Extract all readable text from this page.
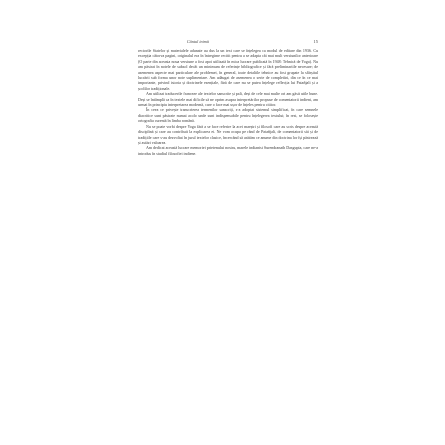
Cântul inimii	15

rectorile Statelor și materialele adunate au dus la un text care se înțelegea ca modul de editare din 1936. Cu excepția câtorva pagini, originalul era în întregime recitit pentru a se adapta cât mai mult versiunilor anterioare (O parte din aceasta noua versiune a fost apoi utilizată în mica lucrare publicată în 1948: Tehnică de Yoga). Nu am păstrat în notele de subsol decât un minimum de referințe bibliografice și fără preliminariile necesare; de asemenea aspecte mai particulare ale problemei, în general, toate detaliile tehnice au fost grupate la sfârșitul lucrării sub forma unor note suplimentare. Am adăugat de asemenea o serie de completări, din ce în ce mai importante, privind istoria și doctrinele esențiale, fără de care nu se putea înțelege reflecția lui Patañjali și a școlilor tradiționale.

Am utilizat traducerile franceze ale textelor sanscrite și pali, deși de cele mai multe ori am găsit utile bune. Deși se întâmplă ca în textele mai dificile să ne oprim asupra interpretărilor propuse de comentatorii indieni, am urmat în principiu interpretarea modernă, care o face mai ușor de înțeles pentru cititor.

În ceea ce privește transcrierea termenilor sanscriți, s-a adoptat sistemul simplificat, în care semnele diacritice sunt păstrate numai acolo unde sunt indispensabile pentru înțelegerea textului; în rest, se folosește ortografia curentă în limba română.

Nu se poate vorbi despre Yoga fără a se face referire la acei maeștri și filosofi care au scris despre această disciplină și care au contribuit la explicarea ei. Ne vom ocupa pe rând de Patañjali, de comentatorii săi și de tradițiile care s-au dezvoltat în jurul textelor clasice, încercând să arătăm ce anume din doctrina lor își păstrează și astăzi valoarea.

Am dedicat această lucrare memoriei prietenului nostru, marele indianist Surendranath Dasgupta, care ne-a introdus în studiul filosofiei indiene.
